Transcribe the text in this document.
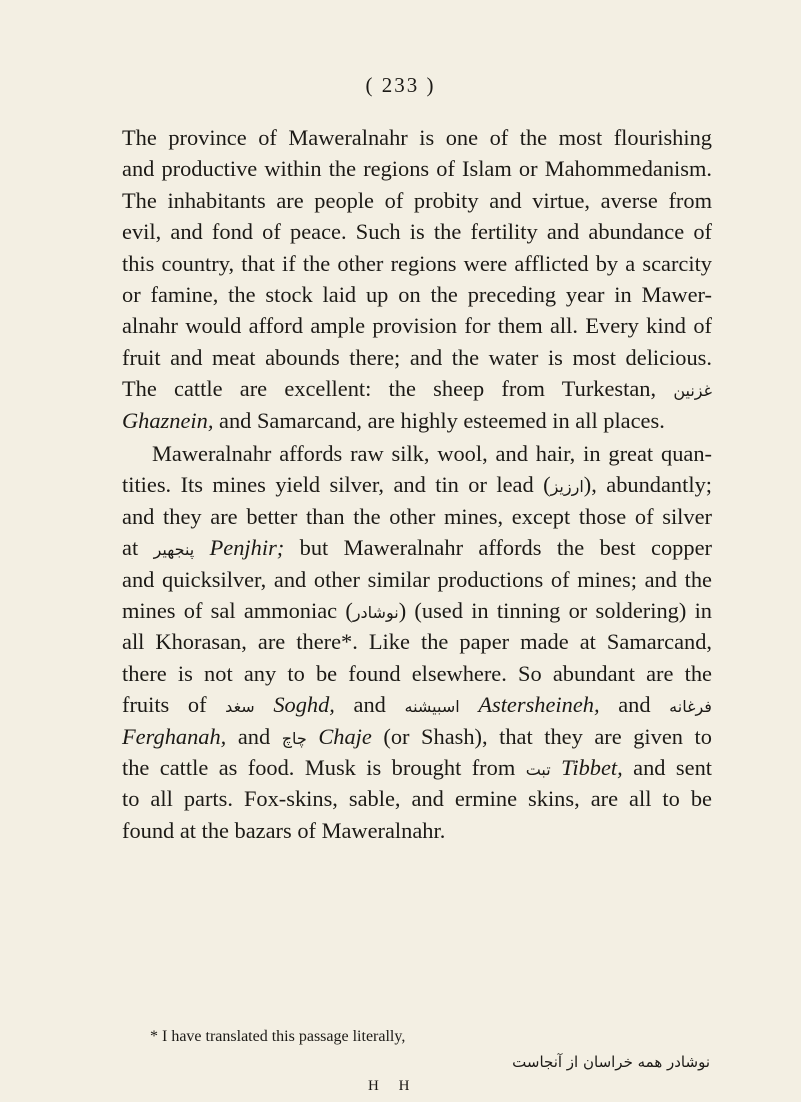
( 233 )
The province of Maweralnahr is one of the most flourishing
and productive within the regions of Islam or Mahommedanism.
The inhabitants are people of probity and virtue, averse from
evil, and fond of peace. Such is the fertility and abundance of
this country, that if the other regions were afflicted by a scarcity
or famine, the stock laid up on the preceding year in Mawer-
alnahr would afford ample provision for them all. Every kind of
fruit and meat abounds there; and the water is most delicious.
The cattle are excellent: the sheep from Turkestan, غزنين
Ghaznein, and Samarcand, are highly esteemed in all places.
Maweralnahr affords raw silk, wool, and hair, in great quan-
tities. Its mines yield silver, and tin or lead (ارزيز), abundantly;
and they are better than the other mines, except those of silver
at پنجهير Penjhir; but Maweralnahr affords the best copper
and quicksilver, and other similar productions of mines; and the
mines of sal ammoniac (نوشادر) (used in tinning or soldering) in
all Khorasan, are there*. Like the paper made at Samarcand,
there is not any to be found elsewhere. So abundant are the
fruits of سغد Soghd, and اسبيشنه Astersheineh, and فرغانه
Ferghanah, and چاچ Chaje (or Shash), that they are given to
the cattle as food. Musk is brought from تبت Tibbet, and sent
to all parts. Fox-skins, sable, and ermine skins, are all to be
found at the bazars of Maweralnahr.
* I have translated this passage literally,
نوشادر همه خراسان از آنجاست
H H
